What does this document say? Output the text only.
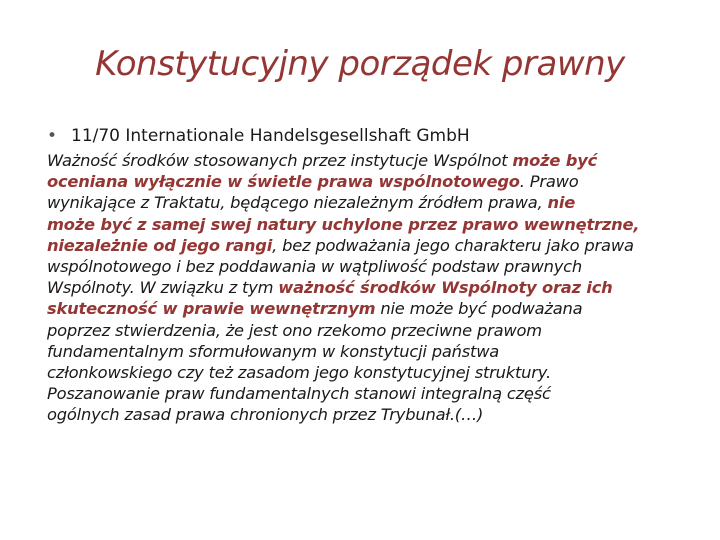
Konstytucyjny porządek prawny
• 11/70 Internationale Handelsgesellshaft GmbH
Ważność środków stosowanych przez instytucje Wspólnot może być
oceniana wyłącznie w świetle prawa wspólnotowego. Prawo
wynikające z Traktatu, będącego niezależnym źródłem prawa, nie
może być z samej swej natury uchylone przez prawo wewnętrzne,
niezależnie od jego rangi, bez podważania jego charakteru jako prawa
wspólnotowego i bez poddawania w wątpliwość podstaw prawnych
Wspólnoty. W związku z tym ważność środków Wspólnoty oraz ich
skuteczność w prawie wewnętrznym nie może być podważana
poprzez stwierdzenia, że jest ono rzekomo przeciwne prawom
fundamentalnym sformułowanym w konstytucji państwa
członkowskiego czy też zasadom jego konstytucyjnej struktury.
Poszanowanie praw fundamentalnych stanowi integralną część
ogólnych zasad prawa chronionych przez Trybunał.(…)
